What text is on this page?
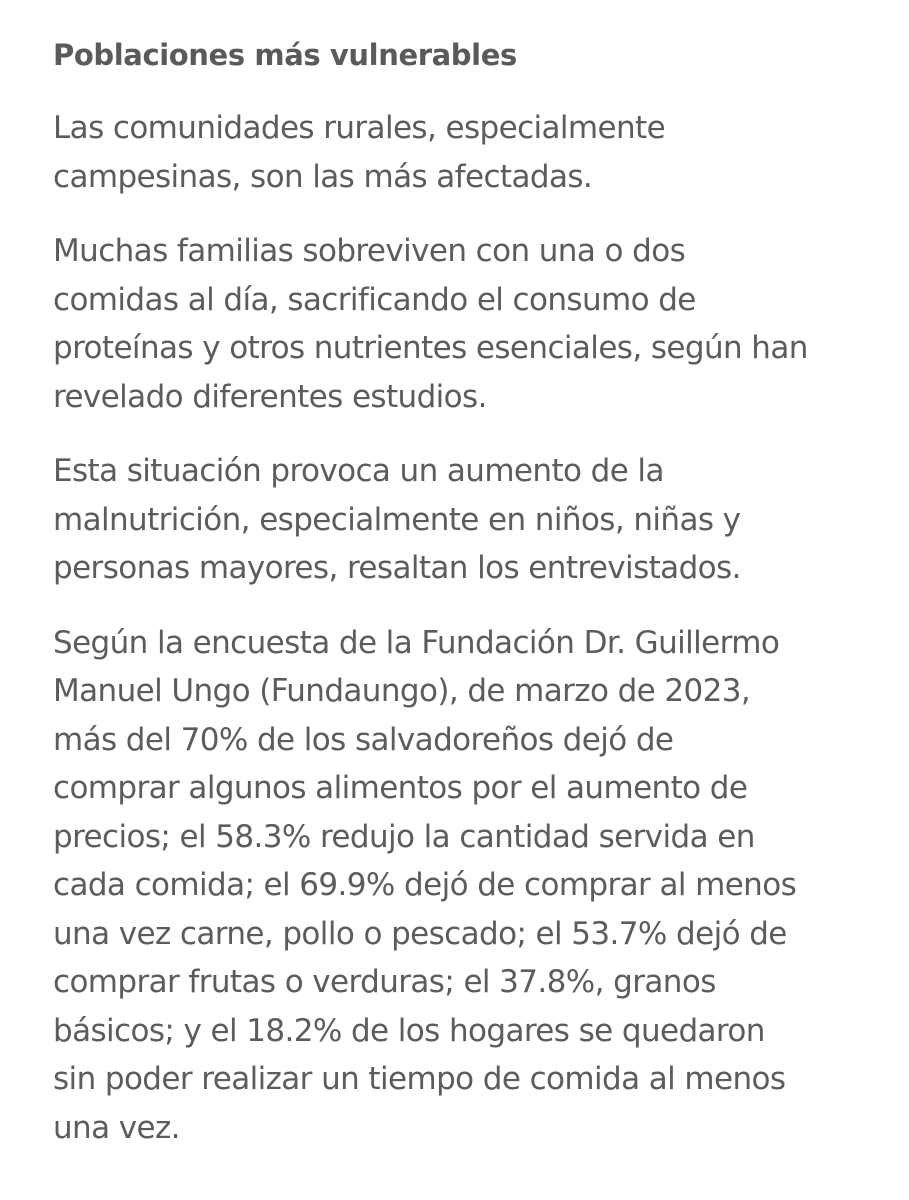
Poblaciones más vulnerables

Las comunidades rurales, especialmente
campesinas, son las más afectadas.

Muchas familias sobreviven con una o dos
comidas al día, sacrificando el consumo de
proteínas y otros nutrientes esenciales, según han
revelado diferentes estudios.

Esta situación provoca un aumento de la
malnutrición, especialmente en niños, niñas y
personas mayores, resaltan los entrevistados.

Según la encuesta de la Fundación Dr. Guillermo
Manuel Ungo (Fundaungo), de marzo de 2023,
más del 70% de los salvadoreños dejó de
comprar algunos alimentos por el aumento de
precios; el 58.3% redujo la cantidad servida en
cada comida; el 69.9% dejó de comprar al menos
una vez carne, pollo o pescado; el 53.7% dejó de
comprar frutas o verduras; el 37.8%, granos
básicos; y el 18.2% de los hogares se quedaron
sin poder realizar un tiempo de comida al menos
una vez.
